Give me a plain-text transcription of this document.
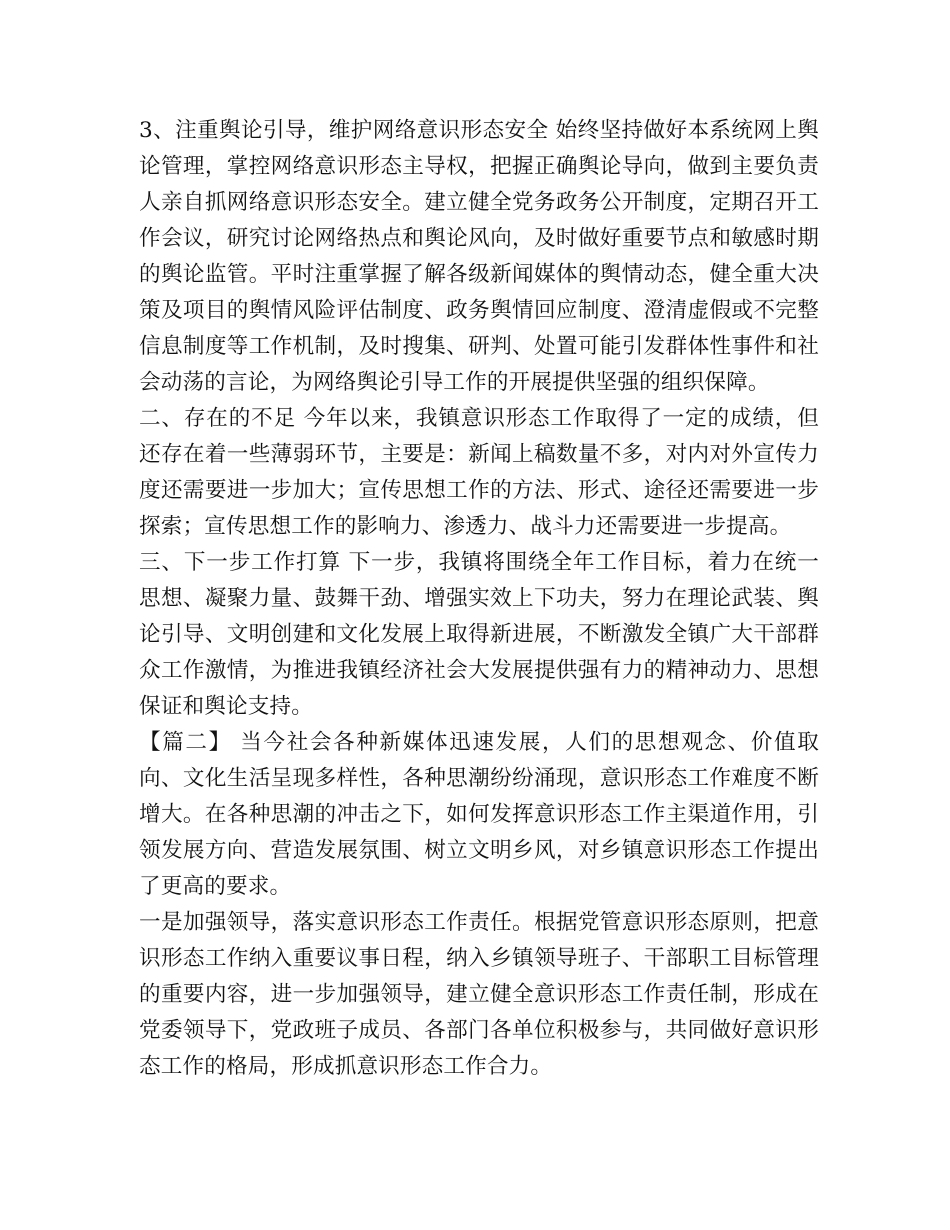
3、注重舆论引导，维护网络意识形态安全 始终坚持做好本系统网上舆论管理，掌控网络意识形态主导权，把握正确舆论导向，做到主要负责人亲自抓网络意识形态安全。建立健全党务政务公开制度，定期召开工作会议，研究讨论网络热点和舆论风向，及时做好重要节点和敏感时期的舆论监管。平时注重掌握了解各级新闻媒体的舆情动态，健全重大决策及项目的舆情风险评估制度、政务舆情回应制度、澄清虚假或不完整信息制度等工作机制，及时搜集、研判、处置可能引发群体性事件和社会动荡的言论，为网络舆论引导工作的开展提供坚强的组织保障。

二、存在的不足 今年以来，我镇意识形态工作取得了一定的成绩，但还存在着一些薄弱环节，主要是：新闻上稿数量不多，对内对外宣传力度还需要进一步加大；宣传思想工作的方法、形式、途径还需要进一步探索；宣传思想工作的影响力、渗透力、战斗力还需要进一步提高。

三、下一步工作打算 下一步，我镇将围绕全年工作目标，着力在统一思想、凝聚力量、鼓舞干劲、增强实效上下功夫，努力在理论武装、舆论引导、文明创建和文化发展上取得新进展，不断激发全镇广大干部群众工作激情，为推进我镇经济社会大发展提供强有力的精神动力、思想保证和舆论支持。

【篇二】 当今社会各种新媒体迅速发展，人们的思想观念、价值取向、文化生活呈现多样性，各种思潮纷纷涌现，意识形态工作难度不断增大。在各种思潮的冲击之下，如何发挥意识形态工作主渠道作用，引领发展方向、营造发展氛围、树立文明乡风，对乡镇意识形态工作提出了更高的要求。

一是加强领导，落实意识形态工作责任。根据党管意识形态原则，把意识形态工作纳入重要议事日程，纳入乡镇领导班子、干部职工目标管理的重要内容，进一步加强领导，建立健全意识形态工作责任制，形成在党委领导下，党政班子成员、各部门各单位积极参与，共同做好意识形态工作的格局，形成抓意识形态工作合力。
